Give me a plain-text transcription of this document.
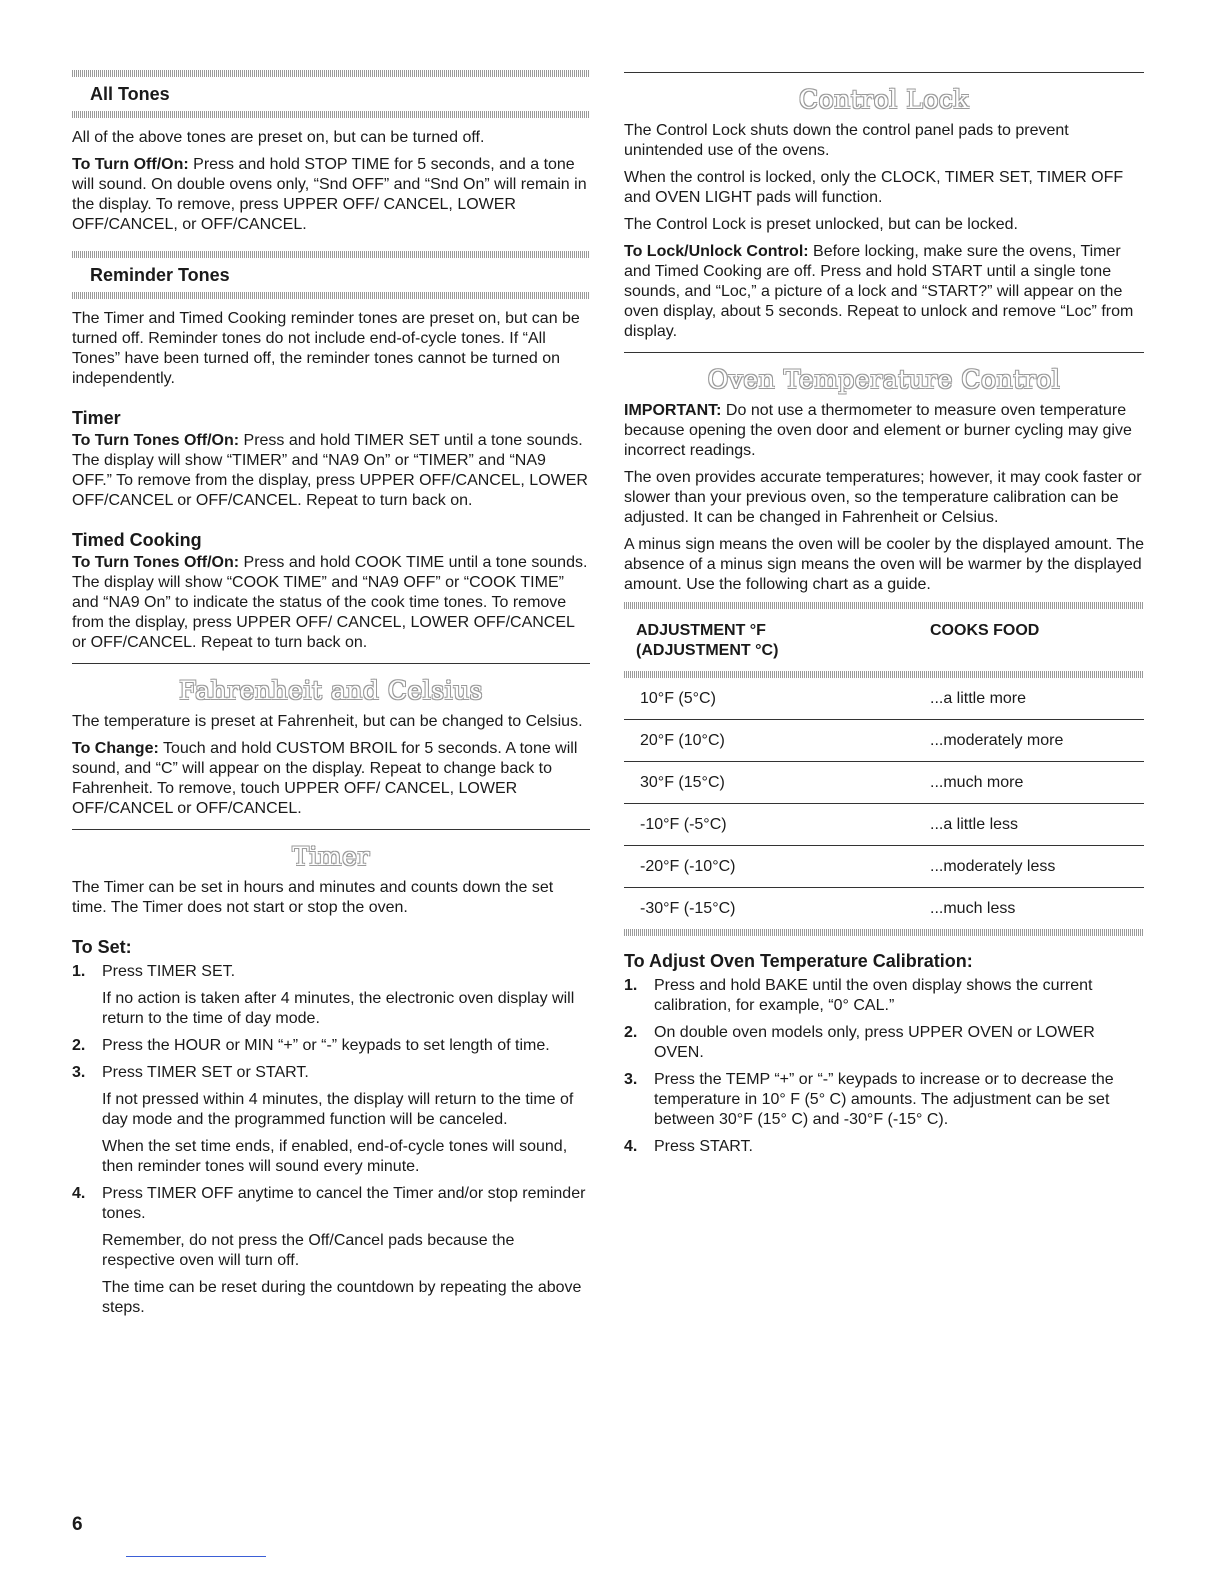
All Tones

All of the above tones are preset on, but can be turned off.

To Turn Off/On: Press and hold STOP TIME for 5 seconds, and a tone will sound. On double ovens only, “Snd OFF” and “Snd On” will remain in the display. To remove, press UPPER OFF/ CANCEL, LOWER OFF/CANCEL, or OFF/CANCEL.

Reminder Tones

The Timer and Timed Cooking reminder tones are preset on, but can be turned off. Reminder tones do not include end-of-cycle tones. If “All Tones” have been turned off, the reminder tones cannot be turned on independently.

Timer

To Turn Tones Off/On: Press and hold TIMER SET until a tone sounds. The display will show “TIMER” and “NA9 On” or “TIMER” and “NA9 OFF.” To remove from the display, press UPPER OFF/CANCEL, LOWER OFF/CANCEL or OFF/CANCEL. Repeat to turn back on.

Timed Cooking

To Turn Tones Off/On: Press and hold COOK TIME until a tone sounds. The display will show “COOK TIME” and “NA9 OFF” or “COOK TIME” and “NA9 On” to indicate the status of the cook time tones. To remove from the display, press UPPER OFF/ CANCEL, LOWER OFF/CANCEL or OFF/CANCEL. Repeat to turn back on.

Fahrenheit and Celsius

The temperature is preset at Fahrenheit, but can be changed to Celsius.

To Change: Touch and hold CUSTOM BROIL for 5 seconds. A tone will sound, and “C” will appear on the display. Repeat to change back to Fahrenheit. To remove, touch UPPER OFF/ CANCEL, LOWER OFF/CANCEL or OFF/CANCEL.

Timer

The Timer can be set in hours and minutes and counts down the set time. The Timer does not start or stop the oven.

To Set:
1. Press TIMER SET.

If no action is taken after 4 minutes, the electronic oven display will return to the time of day mode.

2. Press the HOUR or MIN “+” or “-” keypads to set length of time.

3. Press TIMER SET or START.

If not pressed within 4 minutes, the display will return to the time of day mode and the programmed function will be canceled.

When the set time ends, if enabled, end-of-cycle tones will sound, then reminder tones will sound every minute.

4. Press TIMER OFF anytime to cancel the Timer and/or stop reminder tones.

Remember, do not press the Off/Cancel pads because the respective oven will turn off.

The time can be reset during the countdown by repeating the above steps.

Control Lock

The Control Lock shuts down the control panel pads to prevent unintended use of the ovens.

When the control is locked, only the CLOCK, TIMER SET, TIMER OFF and OVEN LIGHT pads will function.

The Control Lock is preset unlocked, but can be locked.

To Lock/Unlock Control: Before locking, make sure the ovens, Timer and Timed Cooking are off. Press and hold START until a single tone sounds, and “Loc,” a picture of a lock and “START?” will appear on the oven display, about 5 seconds. Repeat to unlock and remove “Loc” from display.

Oven Temperature Control

IMPORTANT: Do not use a thermometer to measure oven temperature because opening the oven door and element or burner cycling may give incorrect readings.

The oven provides accurate temperatures; however, it may cook faster or slower than your previous oven, so the temperature calibration can be adjusted. It can be changed in Fahrenheit or Celsius.

A minus sign means the oven will be cooler by the displayed amount. The absence of a minus sign means the oven will be warmer by the displayed amount. Use the following chart as a guide.

ADJUSTMENT °F
(ADJUSTMENT °C)	COOKS FOOD

10°F (5°C)	...a little more
20°F (10°C)	...moderately more
30°F (15°C)	...much more
-10°F (-5°C)	...a little less
-20°F (-10°C)	...moderately less
-30°F (-15°C)	...much less
To Adjust Oven Temperature Calibration:
1. Press and hold BAKE until the oven display shows the current calibration, for example, “0° CAL.”

2. On double oven models only, press UPPER OVEN or LOWER OVEN.

3. Press the TEMP “+” or “-” keypads to increase or to decrease the temperature in 10° F (5° C) amounts. The adjustment can be set between 30°F (15° C) and -30°F (-15° C).

4. Press START.

6
